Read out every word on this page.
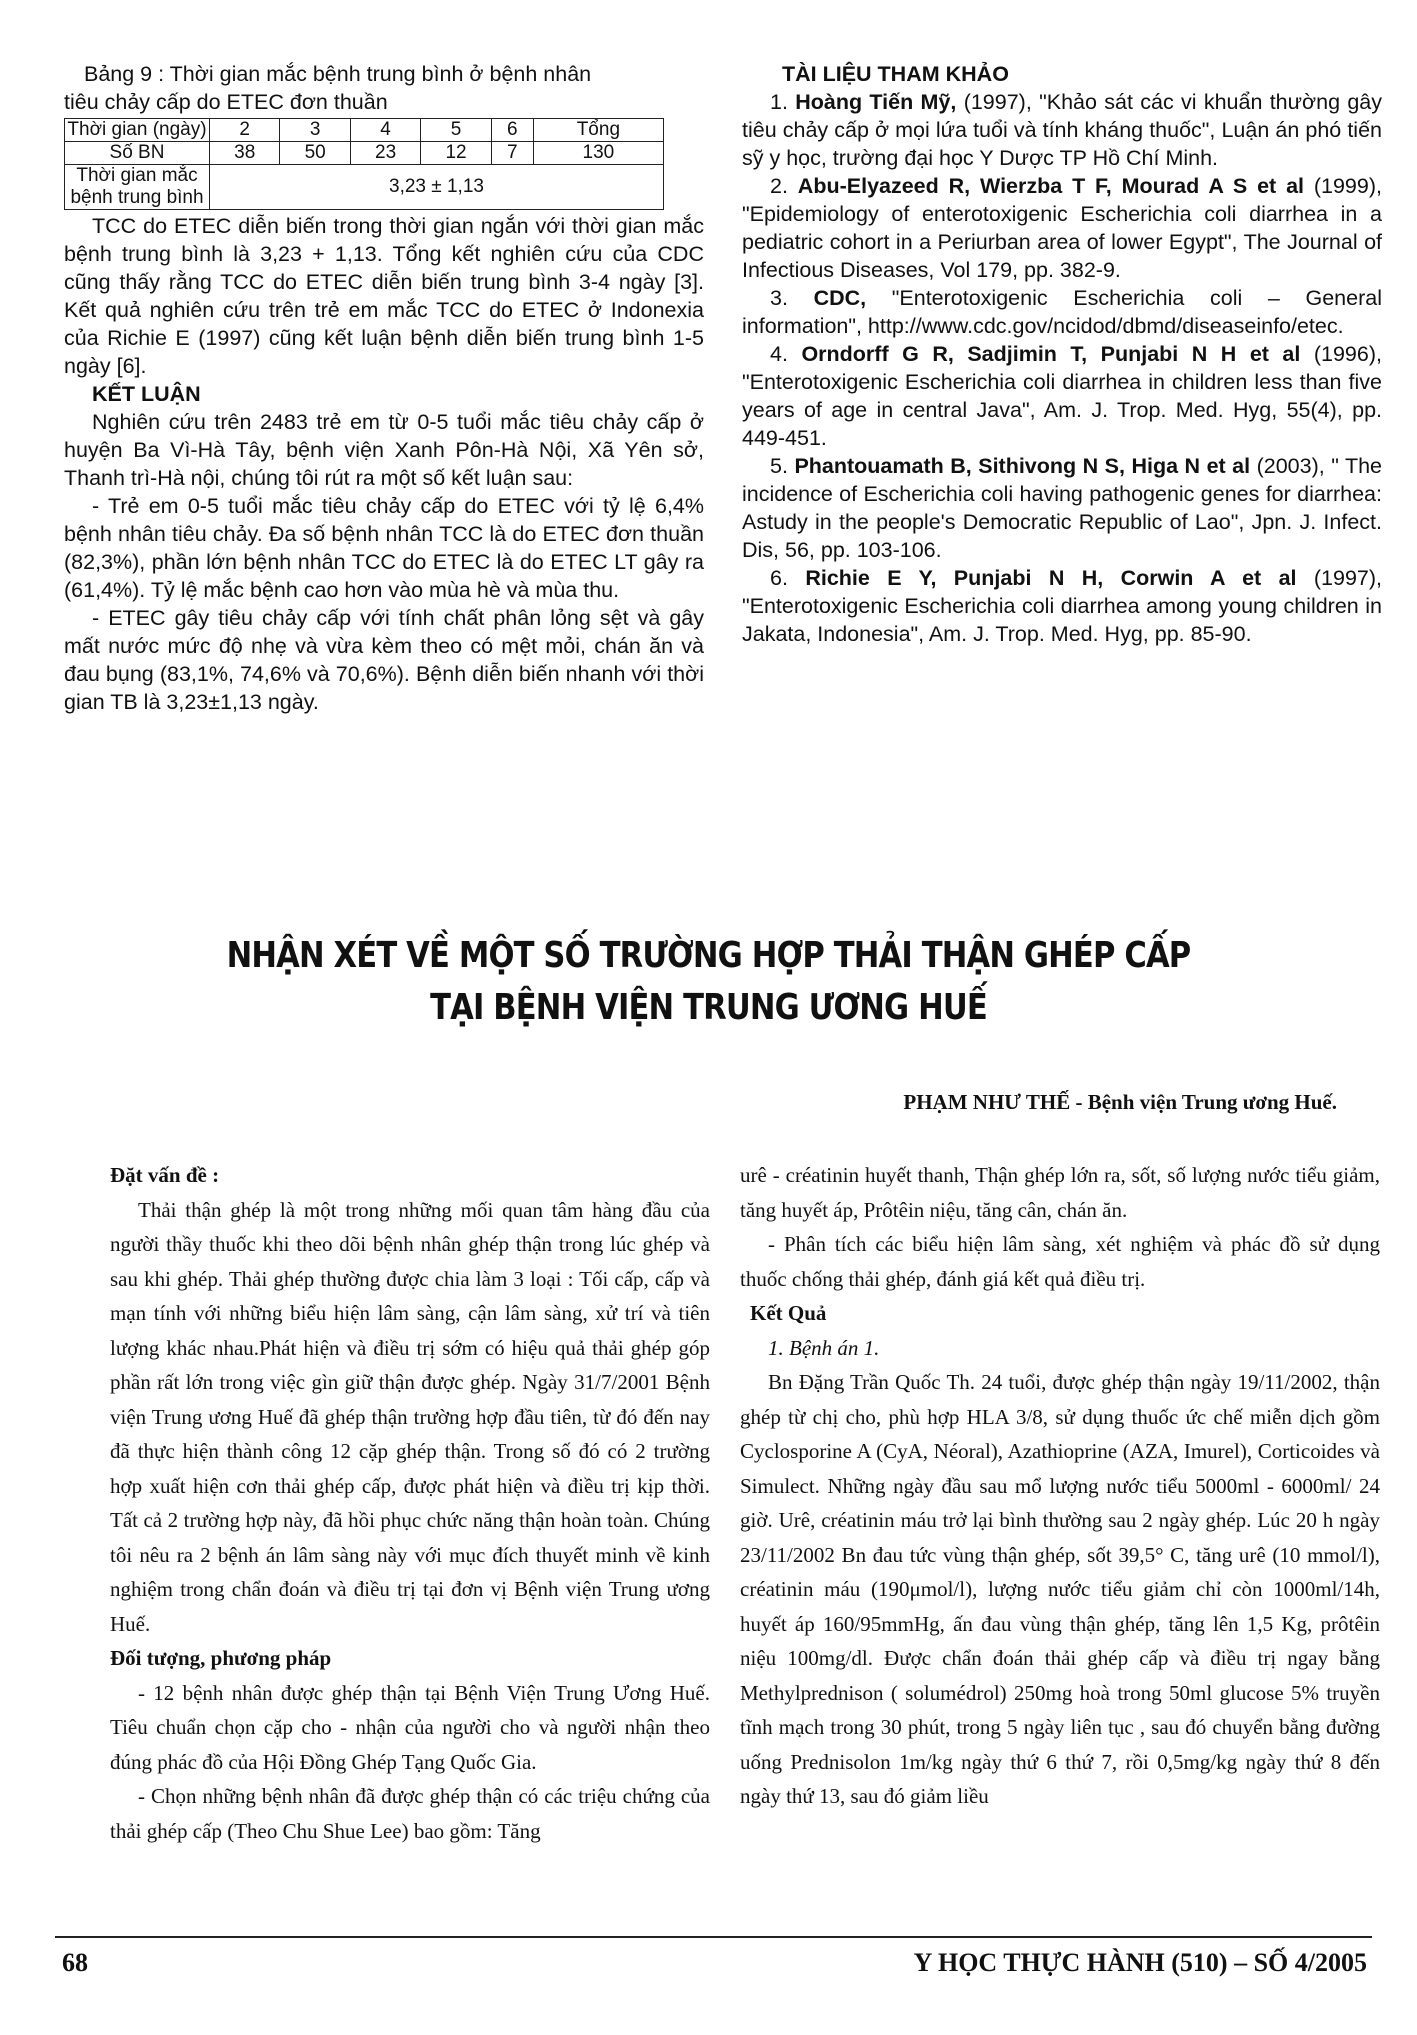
Bảng 9 : Thời gian mắc bệnh trung bình ở bệnh nhân
tiêu chảy cấp do ETEC đơn thuần

Thời gian (ngày)	2	3	4	5	6	Tổng
Số BN	38	50	23	12	7	130
Thời gian mắc bệnh trung bình	3,23 ± 1,13					

TCC do ETEC diễn biến trong thời gian ngắn với thời gian mắc bệnh trung bình là 3,23 + 1,13. Tổng kết nghiên cứu của CDC cũng thấy rằng TCC do ETEC diễn biến trung bình 3-4 ngày [3]. Kết quả nghiên cứu trên trẻ em mắc TCC do ETEC ở Indonexia của Richie E (1997) cũng kết luận bệnh diễn biến trung bình 1-5 ngày [6].

KẾT LUẬN

Nghiên cứu trên 2483 trẻ em từ 0-5 tuổi mắc tiêu chảy cấp ở huyện Ba Vì-Hà Tây, bệnh viện Xanh Pôn-Hà Nội, Xã Yên sở, Thanh trì-Hà nội, chúng tôi rút ra một số kết luận sau:

- Trẻ em 0-5 tuổi mắc tiêu chảy cấp do ETEC với tỷ lệ 6,4% bệnh nhân tiêu chảy. Đa số bệnh nhân TCC là do ETEC đơn thuần (82,3%), phần lớn bệnh nhân TCC do ETEC là do ETEC LT gây ra (61,4%). Tỷ lệ mắc bệnh cao hơn vào mùa hè và mùa thu.

- ETEC gây tiêu chảy cấp với tính chất phân lỏng sệt và gây mất nước mức độ nhẹ và vừa kèm theo có mệt mỏi, chán ăn và đau bụng (83,1%, 74,6% và 70,6%). Bệnh diễn biến nhanh với thời gian TB là 3,23±1,13 ngày.

TÀI LIỆU THAM KHẢO

1. Hoàng Tiến Mỹ, (1997), "Khảo sát các vi khuẩn thường gây tiêu chảy cấp ở mọi lứa tuổi và tính kháng thuốc", Luận án phó tiến sỹ y học, trường đại học Y Dược TP Hồ Chí Minh.

2. Abu-Elyazeed R, Wierzba T F, Mourad A S et al (1999), "Epidemiology of enterotoxigenic Escherichia coli diarrhea in a pediatric cohort in a Periurban area of lower Egypt", The Journal of Infectious Diseases, Vol 179, pp. 382-9.

3. CDC, "Enterotoxigenic Escherichia coli – General information", http://www.cdc.gov/ncidod/dbmd/diseaseinfo/etec.

4. Orndorff G R, Sadjimin T, Punjabi N H et al (1996), "Enterotoxigenic Escherichia coli diarrhea in children less than five years of age in central Java", Am. J. Trop. Med. Hyg, 55(4), pp. 449-451.

5. Phantouamath B, Sithivong N S, Higa N et al (2003), " The incidence of Escherichia coli having pathogenic genes for diarrhea: Astudy in the people's Democratic Republic of Lao", Jpn. J. Infect. Dis, 56, pp. 103-106.

6. Richie E Y, Punjabi N H, Corwin A et al (1997), "Enterotoxigenic Escherichia coli diarrhea among young children in Jakata, Indonesia", Am. J. Trop. Med. Hyg, pp. 85-90.

NHẬN XÉT VỀ MỘT SỐ TRƯỜNG HỢP THẢI THẬN GHÉP CẤP
TẠI BỆNH VIỆN TRUNG ƯƠNG HUẾ
PHẠM NHƯ THẾ - Bệnh viện Trung ương Huế.

Đặt vấn đề :

Thải thận ghép là một trong những mối quan tâm hàng đầu của người thầy thuốc khi theo dõi bệnh nhân ghép thận trong lúc ghép và sau khi ghép. Thải ghép thường được chia làm 3 loại : Tối cấp, cấp và mạn tính với những biểu hiện lâm sàng, cận lâm sàng, xử trí và tiên lượng khác nhau.Phát hiện và điều trị sớm có hiệu quả thải ghép góp phần rất lớn trong việc gìn giữ thận được ghép. Ngày 31/7/2001 Bệnh viện Trung ương Huế đã ghép thận trường hợp đầu tiên, từ đó đến nay đã thực hiện thành công 12 cặp ghép thận. Trong số đó có 2 trường hợp xuất hiện cơn thải ghép cấp, được phát hiện và điều trị kịp thời. Tất cả 2 trường hợp này, đã hồi phục chức năng thận hoàn toàn. Chúng tôi nêu ra 2 bệnh án lâm sàng này với mục đích thuyết minh về kinh nghiệm trong chẩn đoán và điều trị tại đơn vị Bệnh viện Trung ương Huế.

Đối tượng, phương pháp

- 12 bệnh nhân được ghép thận tại Bệnh Viện Trung Ương Huế. Tiêu chuẩn chọn cặp cho - nhận của người cho và người nhận theo đúng phác đồ của Hội Đồng Ghép Tạng Quốc Gia.

- Chọn những bệnh nhân đã được ghép thận có các triệu chứng của thải ghép cấp (Theo Chu Shue Lee) bao gồm: Tăng

urê - créatinin huyết thanh, Thận ghép lớn ra, sốt, số lượng nước tiểu giảm, tăng huyết áp, Prôtêin niệu, tăng cân, chán ăn.

- Phân tích các biểu hiện lâm sàng, xét nghiệm và phác đồ sử dụng thuốc chống thải ghép, đánh giá kết quả điều trị.

Kết Quả

1. Bệnh án 1.

Bn Đặng Trần Quốc Th. 24 tuổi, được ghép thận ngày 19/11/2002, thận ghép từ chị cho, phù hợp HLA 3/8, sử dụng thuốc ức chế miễn dịch gồm Cyclosporine A (CyA, Néoral), Azathioprine (AZA, Imurel), Corticoides và Simulect. Những ngày đầu sau mổ lượng nước tiểu 5000ml - 6000ml/ 24 giờ. Urê, créatinin máu trở lại bình thường sau 2 ngày ghép. Lúc 20 h ngày 23/11/2002 Bn đau tức vùng thận ghép, sốt 39,5° C, tăng urê (10 mmol/l), créatinin máu (190μmol/l), lượng nước tiểu giảm chỉ còn 1000ml/14h, huyết áp 160/95mmHg, ấn đau vùng thận ghép, tăng lên 1,5 Kg, prôtêin niệu 100mg/dl. Được chẩn đoán thải ghép cấp và điều trị ngay bằng Methylprednison ( solumédrol) 250mg hoà trong 50ml glucose 5% truyền tĩnh mạch trong 30 phút, trong 5 ngày liên tục , sau đó chuyển bằng đường uống Prednisolon 1m/kg ngày thứ 6 thứ 7, rồi 0,5mg/kg ngày thứ 8 đến ngày thứ 13, sau đó giảm liều

68	Y HỌC THỰC HÀNH (510) – SỐ 4/2005
